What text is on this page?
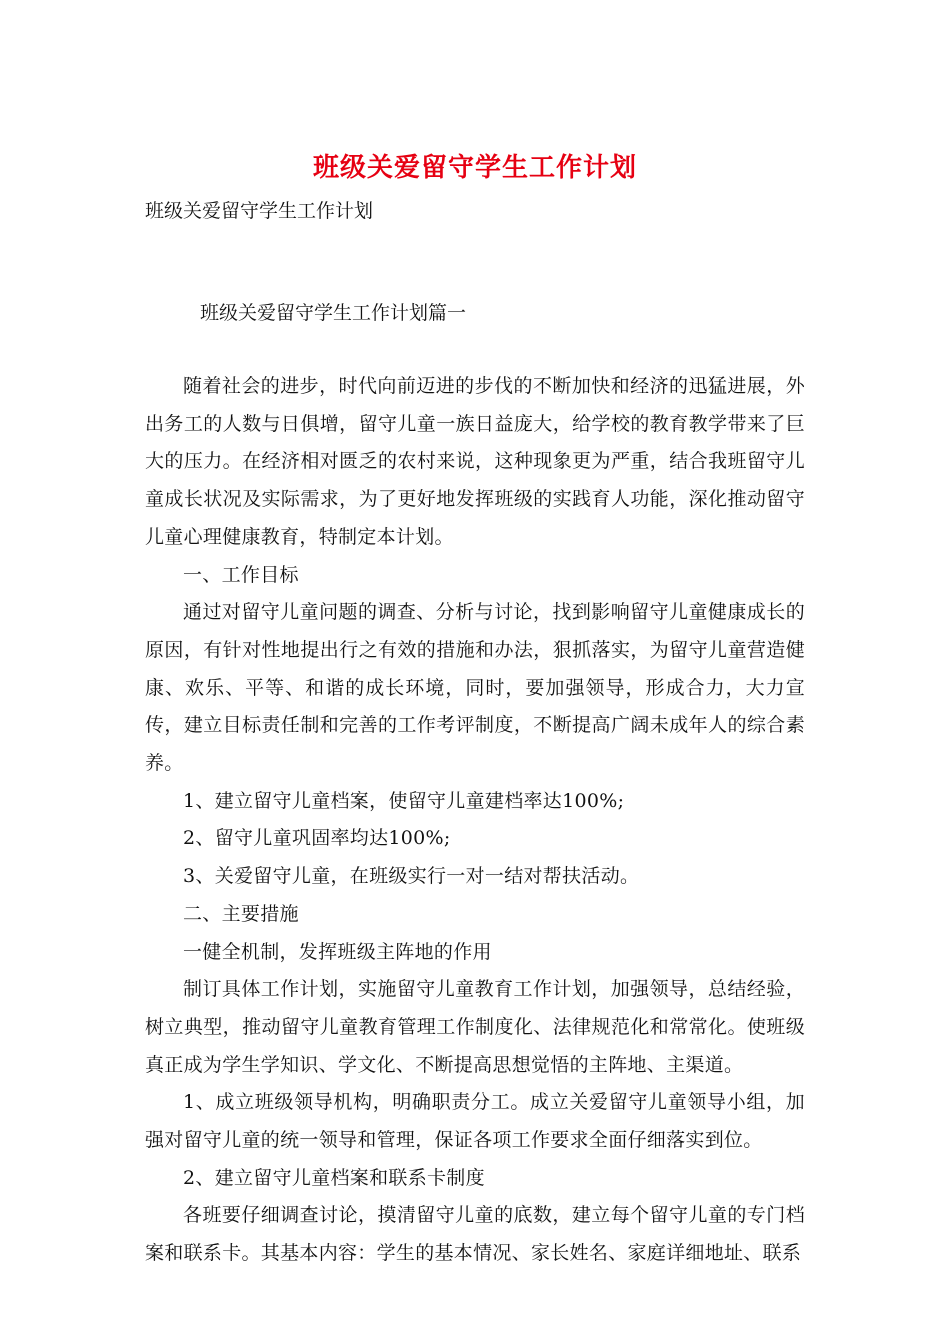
班级关爱留守学生工作计划
班级关爱留守学生工作计划
班级关爱留守学生工作计划篇一

随着社会的进步，时代向前迈进的步伐的不断加快和经济的迅猛进展，外出务工的人数与日俱增，留守儿童一族日益庞大，给学校的教育教学带来了巨大的压力。在经济相对匮乏的农村来说，这种现象更为严重，结合我班留守儿童成长状况及实际需求，为了更好地发挥班级的实践育人功能，深化推动留守儿童心理健康教育，特制定本计划。

一、工作目标

通过对留守儿童问题的调查、分析与讨论，找到影响留守儿童健康成长的原因，有针对性地提出行之有效的措施和办法，狠抓落实，为留守儿童营造健康、欢乐、平等、和谐的成长环境，同时，要加强领导，形成合力，大力宣传，建立目标责任制和完善的工作考评制度，不断提高广阔未成年人的综合素养。

1、建立留守儿童档案，使留守儿童建档率达100%;

2、留守儿童巩固率均达100%;

3、关爱留守儿童，在班级实行一对一结对帮扶活动。

二、主要措施

一健全机制，发挥班级主阵地的作用

制订具体工作计划，实施留守儿童教育工作计划，加强领导，总结经验，树立典型，推动留守儿童教育管理工作制度化、法律规范化和常常化。使班级真正成为学生学知识、学文化、不断提高思想觉悟的主阵地、主渠道。

1、成立班级领导机构，明确职责分工。成立关爱留守儿童领导小组，加强对留守儿童的统一领导和管理，保证各项工作要求全面仔细落实到位。

2、建立留守儿童档案和联系卡制度

各班要仔细调查讨论，摸清留守儿童的底数，建立每个留守儿童的专门档案和联系卡。其基本内容：学生的基本情况、家长姓名、家庭详细地址、联系
